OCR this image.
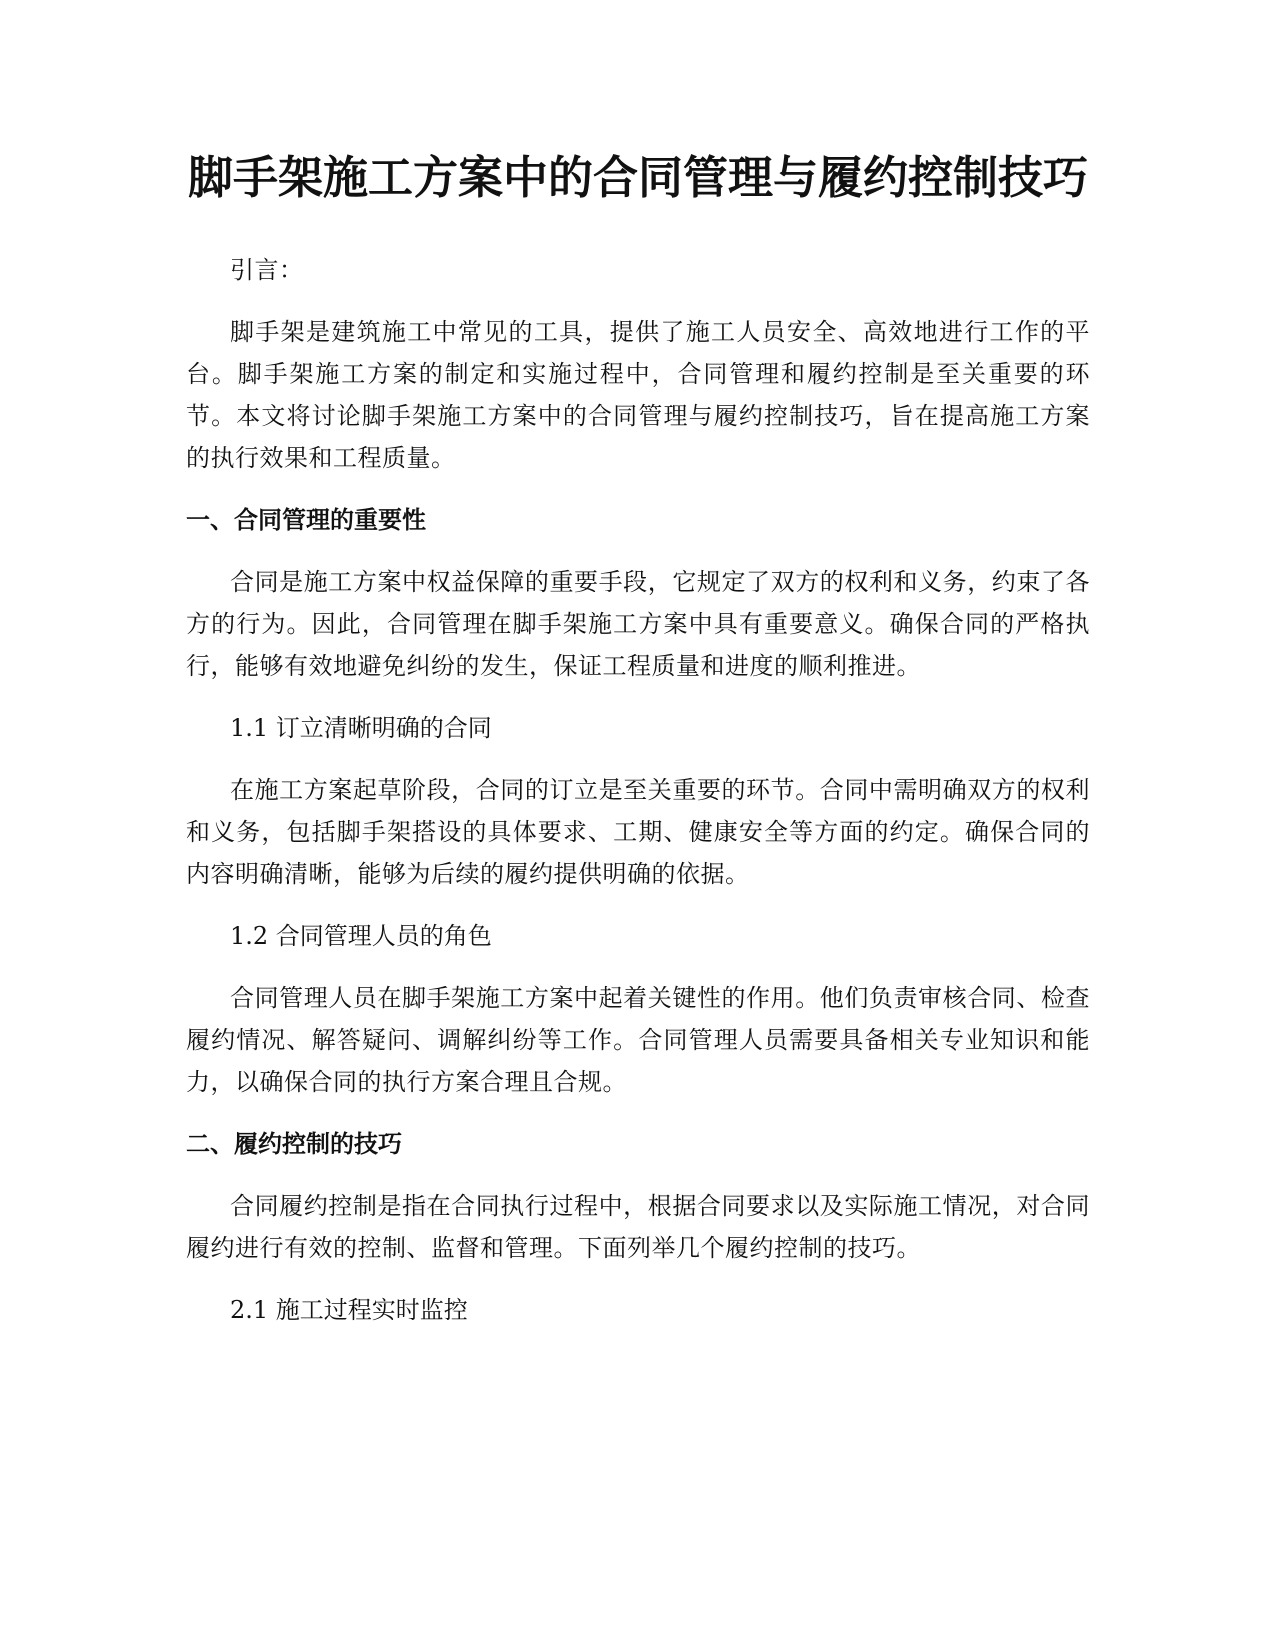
脚手架施工方案中的合同管理与履约控制技巧

引言：

脚手架是建筑施工中常见的工具，提供了施工人员安全、高效地进行工作的平台。脚手架施工方案的制定和实施过程中，合同管理和履约控制是至关重要的环节。本文将讨论脚手架施工方案中的合同管理与履约控制技巧，旨在提高施工方案的执行效果和工程质量。

一、合同管理的重要性

合同是施工方案中权益保障的重要手段，它规定了双方的权利和义务，约束了各方的行为。因此，合同管理在脚手架施工方案中具有重要意义。确保合同的严格执行，能够有效地避免纠纷的发生，保证工程质量和进度的顺利推进。

1.1 订立清晰明确的合同

在施工方案起草阶段，合同的订立是至关重要的环节。合同中需明确双方的权利和义务，包括脚手架搭设的具体要求、工期、健康安全等方面的约定。确保合同的内容明确清晰，能够为后续的履约提供明确的依据。

1.2 合同管理人员的角色

合同管理人员在脚手架施工方案中起着关键性的作用。他们负责审核合同、检查履约情况、解答疑问、调解纠纷等工作。合同管理人员需要具备相关专业知识和能力，以确保合同的执行方案合理且合规。

二、履约控制的技巧

合同履约控制是指在合同执行过程中，根据合同要求以及实际施工情况，对合同履约进行有效的控制、监督和管理。下面列举几个履约控制的技巧。

2.1 施工过程实时监控
